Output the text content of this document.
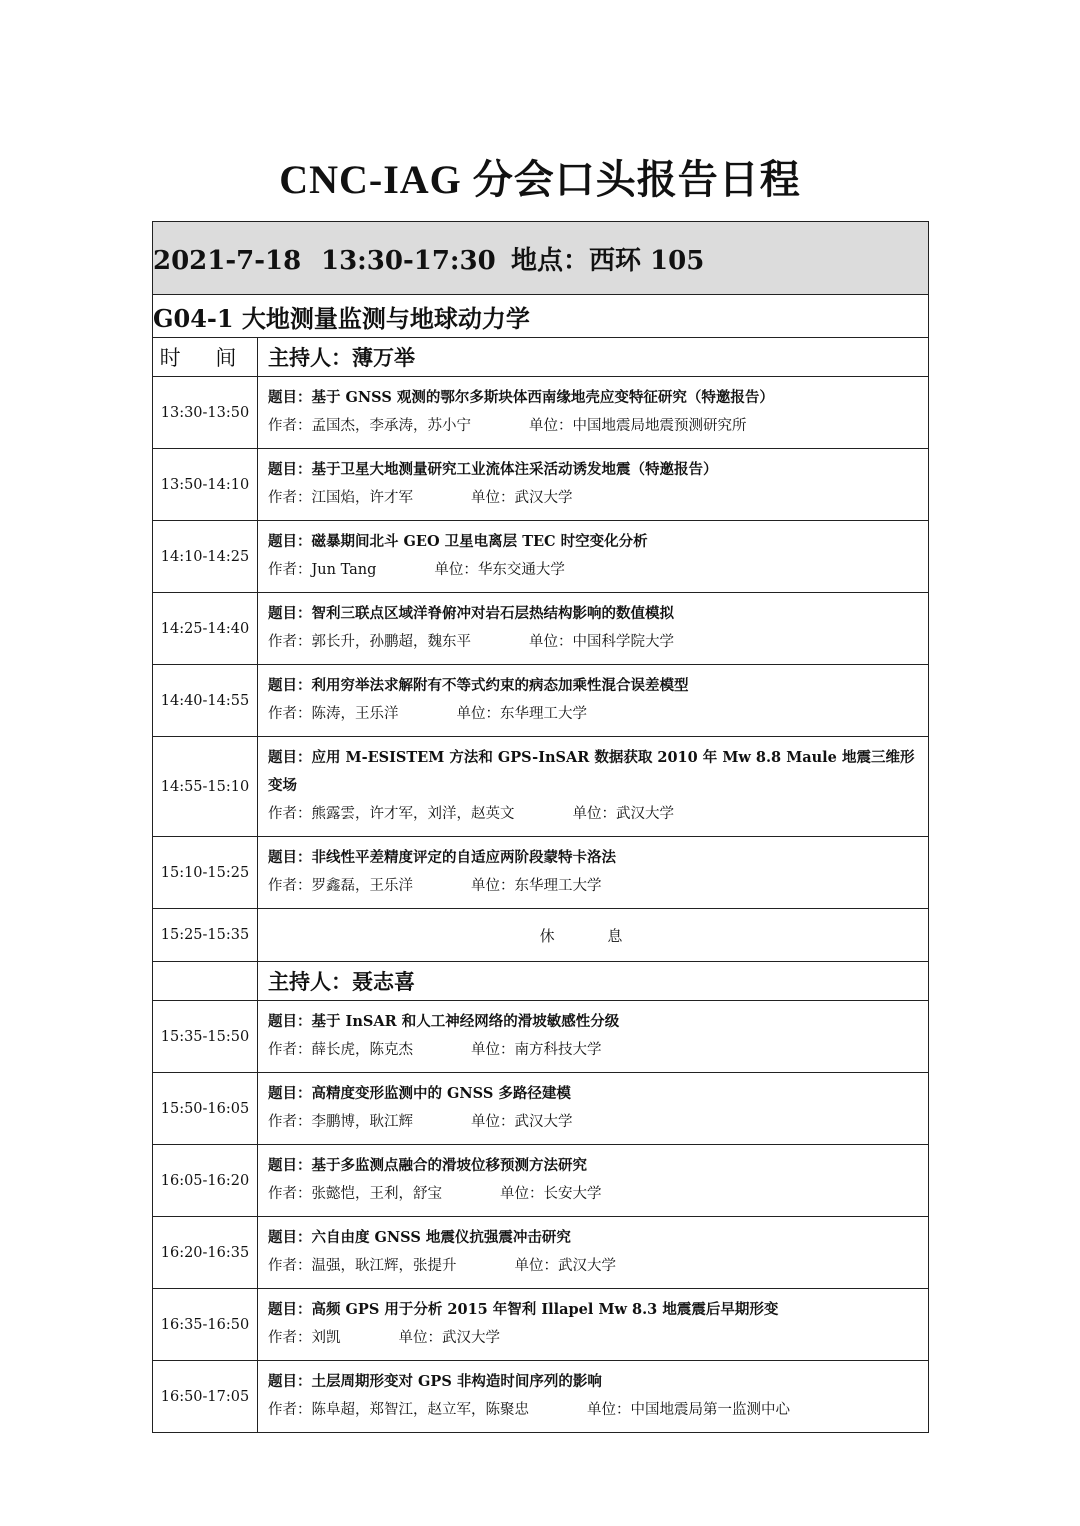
CNC-IAG 分会口头报告日程
2021-7-18 13:30-17:30 地点：西环 105	
G04-1 大地测量监测与地球动力学	
时 间	主持人：薄万举
13:30-13:50	题目：基于 GNSS 观测的鄂尔多斯块体西南缘地壳应变特征研究（特邀报告）
作者：孟国杰，李承涛，苏小宁 单位：中国地震局地震预测研究所

13:50-14:10	题目：基于卫星大地测量研究工业流体注采活动诱发地震（特邀报告）
作者：江国焰，许才军 单位：武汉大学

14:10-14:25	题目：磁暴期间北斗 GEO 卫星电离层 TEC 时空变化分析
作者：Jun Tang 单位：华东交通大学

14:25-14:40	题目：智利三联点区域洋脊俯冲对岩石层热结构影响的数值模拟
作者：郭长升，孙鹏超，魏东平 单位：中国科学院大学

14:40-14:55	题目：利用穷举法求解附有不等式约束的病态加乘性混合误差模型
作者：陈涛，王乐洋 单位：东华理工大学

14:55-15:10	题目：应用 M-ESISTEM 方法和 GPS-InSAR 数据获取 2010 年 Mw 8.8 Maule 地震三维形变场
作者：熊露雲，许才军，刘洋，赵英文 单位：武汉大学

15:10-15:25	题目：非线性平差精度评定的自适应两阶段蒙特卡洛法
作者：罗鑫磊，王乐洋 单位：东华理工大学

15:25-15:35	休 息
	主持人：聂志喜
15:35-15:50	题目：基于 InSAR 和人工神经网络的滑坡敏感性分级
作者：薛长虎，陈克杰 单位：南方科技大学

15:50-16:05	题目：高精度变形监测中的 GNSS 多路径建模
作者：李鹏博，耿江辉 单位：武汉大学

16:05-16:20	题目：基于多监测点融合的滑坡位移预测方法研究
作者：张懿恺，王利，舒宝 单位：长安大学

16:20-16:35	题目：六自由度 GNSS 地震仪抗强震冲击研究
作者：温强，耿江辉，张提升 单位：武汉大学

16:35-16:50	题目：高频 GPS 用于分析 2015 年智利 Illapel Mw 8.3 地震震后早期形变
作者：刘凯 单位：武汉大学

16:50-17:05	题目：土层周期形变对 GPS 非构造时间序列的影响
作者：陈阜超，郑智江，赵立军，陈聚忠 单位：中国地震局第一监测中心
